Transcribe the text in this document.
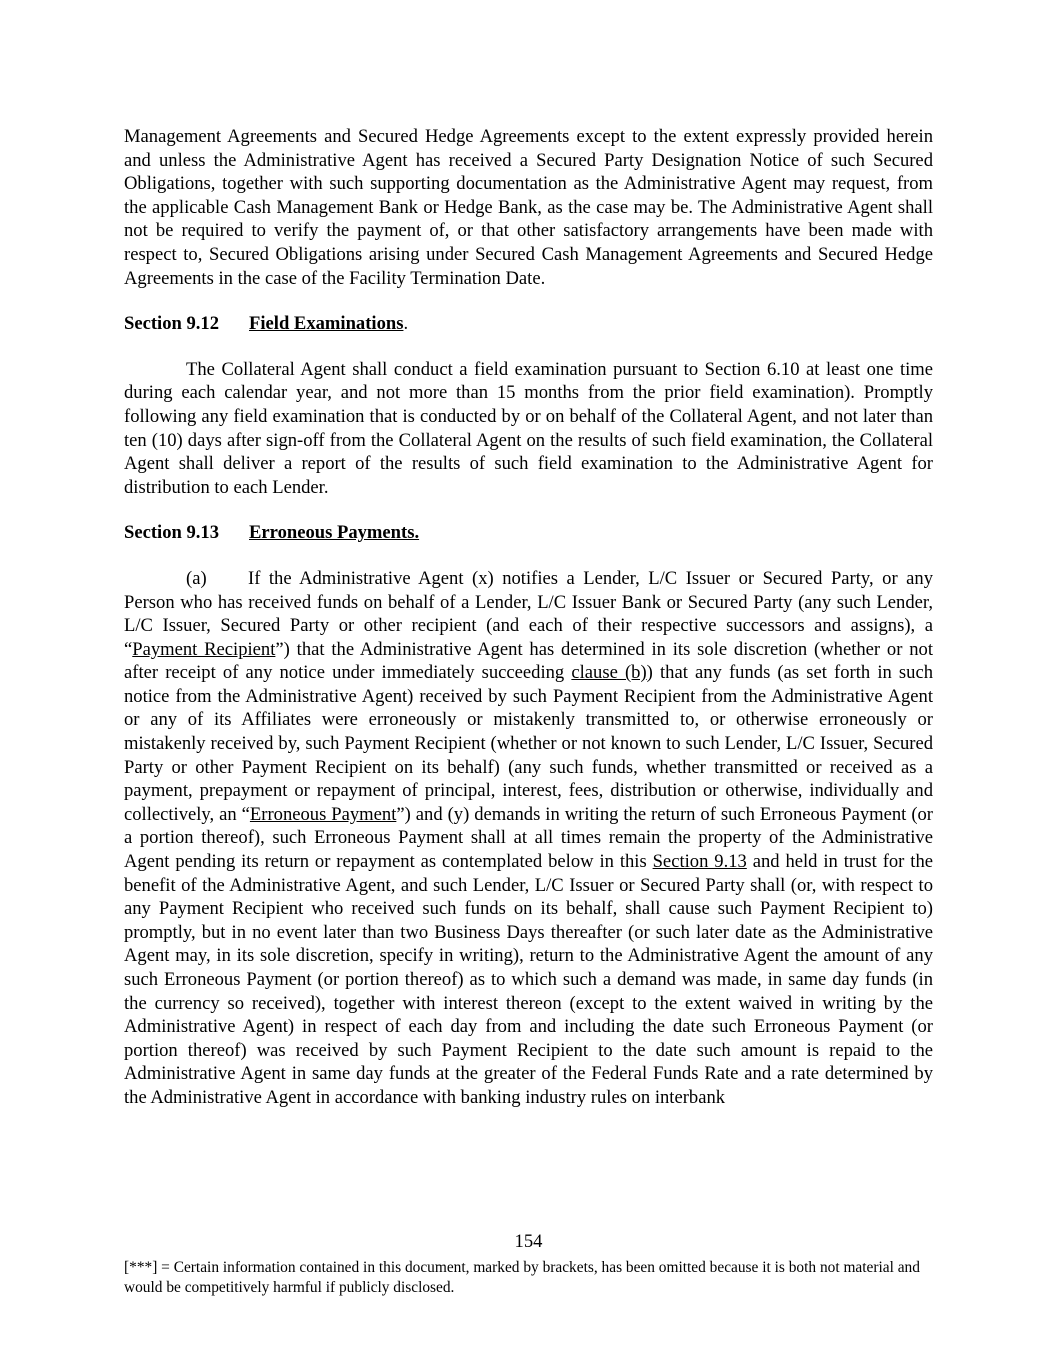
Management Agreements and Secured Hedge Agreements except to the extent expressly provided herein and unless the Administrative Agent has received a Secured Party Designation Notice of such Secured Obligations, together with such supporting documentation as the Administrative Agent may request, from the applicable Cash Management Bank or Hedge Bank, as the case may be. The Administrative Agent shall not be required to verify the payment of, or that other satisfactory arrangements have been made with respect to, Secured Obligations arising under Secured Cash Management Agreements and Secured Hedge Agreements in the case of the Facility Termination Date.

Section 9.12 Field Examinations.

The Collateral Agent shall conduct a field examination pursuant to Section 6.10 at least one time during each calendar year, and not more than 15 months from the prior field examination). Promptly following any field examination that is conducted by or on behalf of the Collateral Agent, and not later than ten (10) days after sign-off from the Collateral Agent on the results of such field examination, the Collateral Agent shall deliver a report of the results of such field examination to the Administrative Agent for distribution to each Lender.

Section 9.13 Erroneous Payments.

(a) If the Administrative Agent (x) notifies a Lender, L/C Issuer or Secured Party, or any Person who has received funds on behalf of a Lender, L/C Issuer Bank or Secured Party (any such Lender, L/C Issuer, Secured Party or other recipient (and each of their respective successors and assigns), a “Payment Recipient”) that the Administrative Agent has determined in its sole discretion (whether or not after receipt of any notice under immediately succeeding clause (b)) that any funds (as set forth in such notice from the Administrative Agent) received by such Payment Recipient from the Administrative Agent or any of its Affiliates were erroneously or mistakenly transmitted to, or otherwise erroneously or mistakenly received by, such Payment Recipient (whether or not known to such Lender, L/C Issuer, Secured Party or other Payment Recipient on its behalf) (any such funds, whether transmitted or received as a payment, prepayment or repayment of principal, interest, fees, distribution or otherwise, individually and collectively, an “Erroneous Payment”) and (y) demands in writing the return of such Erroneous Payment (or a portion thereof), such Erroneous Payment shall at all times remain the property of the Administrative Agent pending its return or repayment as contemplated below in this Section 9.13 and held in trust for the benefit of the Administrative Agent, and such Lender, L/C Issuer or Secured Party shall (or, with respect to any Payment Recipient who received such funds on its behalf, shall cause such Payment Recipient to) promptly, but in no event later than two Business Days thereafter (or such later date as the Administrative Agent may, in its sole discretion, specify in writing), return to the Administrative Agent the amount of any such Erroneous Payment (or portion thereof) as to which such a demand was made, in same day funds (in the currency so received), together with interest thereon (except to the extent waived in writing by the Administrative Agent) in respect of each day from and including the date such Erroneous Payment (or portion thereof) was received by such Payment Recipient to the date such amount is repaid to the Administrative Agent in same day funds at the greater of the Federal Funds Rate and a rate determined by the Administrative Agent in accordance with banking industry rules on interbank

154

[***] = Certain information contained in this document, marked by brackets, has been omitted because it is both not material and would be competitively harmful if publicly disclosed.
